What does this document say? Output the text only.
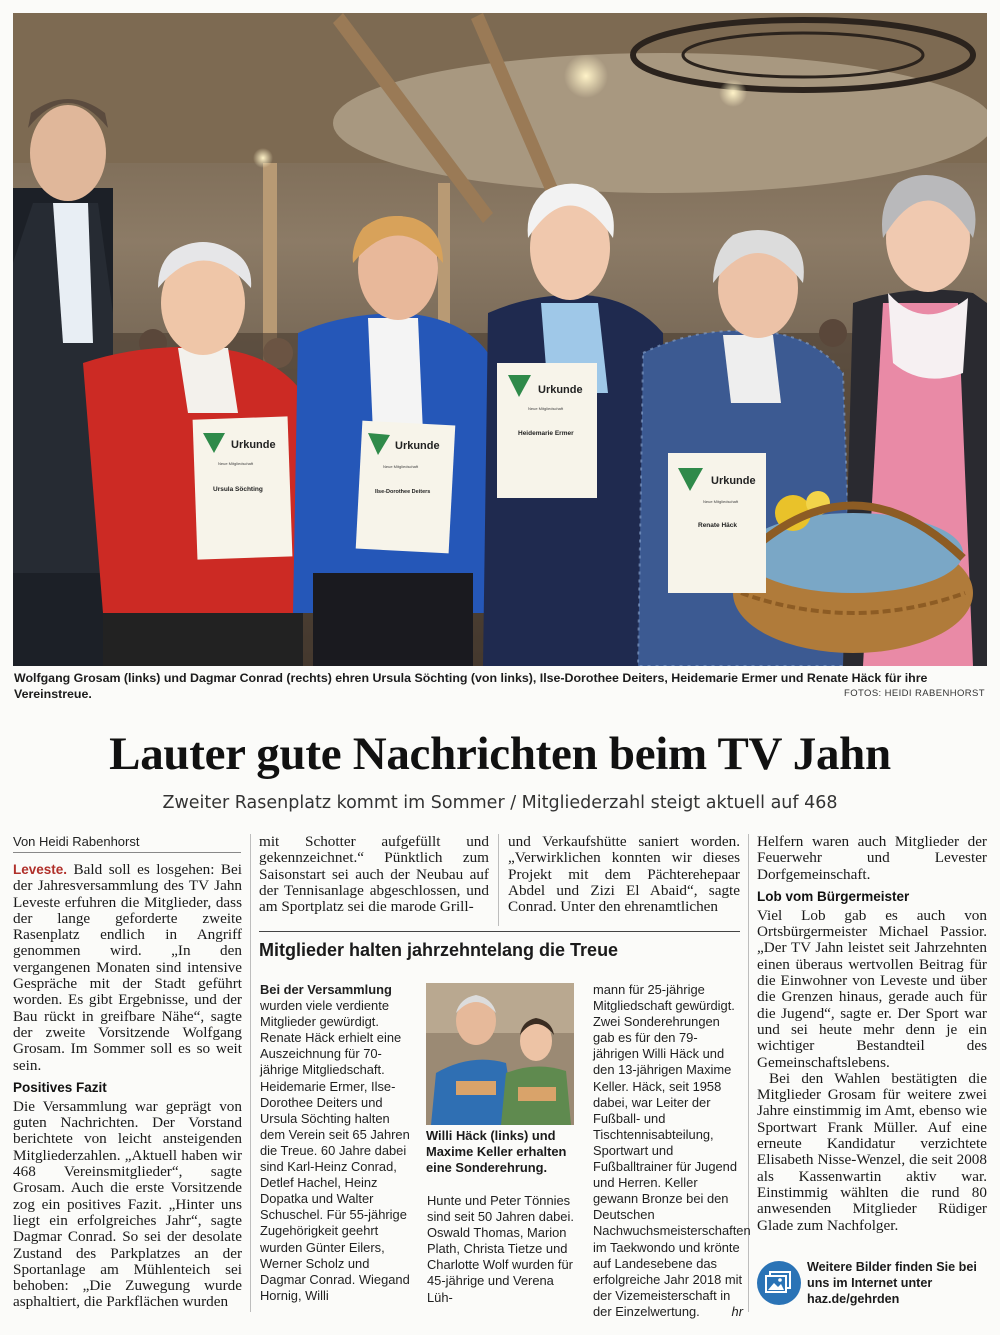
Urkunde
Neue Mitgliedschaft
Ursula Söchting
Urkunde
Neue Mitgliedschaft
Ilse-Dorothee Deiters
Urkunde
Neue Mitgliedschaft
Heidemarie Ermer
Urkunde
Neue Mitgliedschaft
Renate Häck
Wolfgang Grosam (links) und Dagmar Conrad (rechts) ehren Ursula Söchting (von links), Ilse-Dorothee Deiters, Heidemarie Ermer und Renate Häck für ihre Vereinstreue.	FOTOS: HEIDI RABENHORST
Lauter gute Nachrichten beim TV Jahn
Zweiter Rasenplatz kommt im Sommer / Mitgliederzahl steigt aktuell auf 468
Von Heidi Rabenhorst

Leveste. Bald soll es losgehen: Bei der Jahresversammlung des TV Jahn Leveste erfuhren die Mitglieder, dass der lange geforderte zweite Rasenplatz endlich in Angriff genommen wird. „In den vergangenen Monaten sind intensive Gespräche mit der Stadt geführt worden. Es gibt Ergebnisse, und der Bau rückt in greifbare Nähe“, sagte der zweite Vorsitzende Wolfgang Grosam. Im Sommer soll es so weit sein.

Positives Fazit

Die Versammlung war geprägt von guten Nachrichten. Der Vorstand berichtete von leicht ansteigenden Mitgliederzahlen. „Aktuell haben wir 468 Vereinsmitglieder“, sagte Grosam. Auch die erste Vorsitzende zog ein positives Fazit. „Hinter uns liegt ein erfolgreiches Jahr“, sagte Dagmar Conrad. So sei der desolate Zustand des Parkplatzes an der Sportanlage am Mühlenteich sei behoben: „Die Zuwegung wurde asphaltiert, die Parkflächen wurden

mit Schotter aufgefüllt und gekennzeichnet.“ Pünktlich zum Saisonstart sei auch der Neubau auf der Tennisanlage abgeschlossen, und am Sportplatz sei die marode Grill-

und Verkaufshütte saniert worden. „Verwirklichen konnten wir dieses Projekt mit dem Pächterehepaar Abdel und Zizi El Abaid“, sagte Conrad. Unter den ehrenamtlichen

Mitglieder halten jahrzehntelang die Treue

Bei der Versammlung wurden viele verdiente Mitglieder gewürdigt. Renate Häck erhielt eine Auszeichnung für 70-jährige Mitgliedschaft. Heidemarie Ermer, Ilse-Dorothee Deiters und Ursula Söchting halten dem Verein seit 65 Jahren die Treue. 60 Jahre dabei sind Karl-Heinz Conrad, Detlef Hachel, Heinz Dopatka und Walter Schuschel. Für 55-jährige Zugehörigkeit geehrt wurden Günter Eilers, Werner Scholz und Dagmar Conrad. Wiegand Hornig, Willi

Willi Häck (links) und Maxime Keller erhalten eine Sonderehrung.

Hunte und Peter Tönnies sind seit 50 Jahren dabei. Oswald Thomas, Marion Plath, Christa Tietze und Charlotte Wolf wurden für 45-jährige und Verena Lüh-

mann für 25-jährige Mitgliedschaft gewürdigt. Zwei Sonderehrungen gab es für den 79-jährigen Willi Häck und den 13-jährigen Maxime Keller. Häck, seit 1958 dabei, war Leiter der Fußball- und Tischtennisabteilung, Sportwart und Fußballtrainer für Jugend und Herren. Keller gewann Bronze bei den Deutschen Nachwuchsmeisterschaften im Taekwondo und krönte auf Landesebene das erfolgreiche Jahr 2018 mit der Vizemeisterschaft in der Einzelwertung. hr

Helfern waren auch Mitglieder der Feuerwehr und Levester Dorfgemeinschaft.

Lob vom Bürgermeister

Viel Lob gab es auch von Ortsbürgermeister Michael Passior. „Der TV Jahn leistet seit Jahrzehnten einen überaus wertvollen Beitrag für die Einwohner von Leveste und über die Grenzen hinaus, gerade auch für die Jugend“, sagte er. Der Sport war und sei heute mehr denn je ein wichtiger Bestandteil des Gemeinschaftslebens.

Bei den Wahlen bestätigten die Mitglieder Grosam für weitere zwei Jahre einstimmig im Amt, ebenso wie Sportwart Frank Müller. Auf eine erneute Kandidatur verzichtete Elisabeth Nisse-Wenzel, die seit 2008 als Kassenwartin aktiv war. Einstimmig wählten die rund 80 anwesenden Mitglieder Rüdiger Glade zum Nachfolger.

Weitere Bilder finden Sie bei uns im Internet unter haz.de/gehrden
